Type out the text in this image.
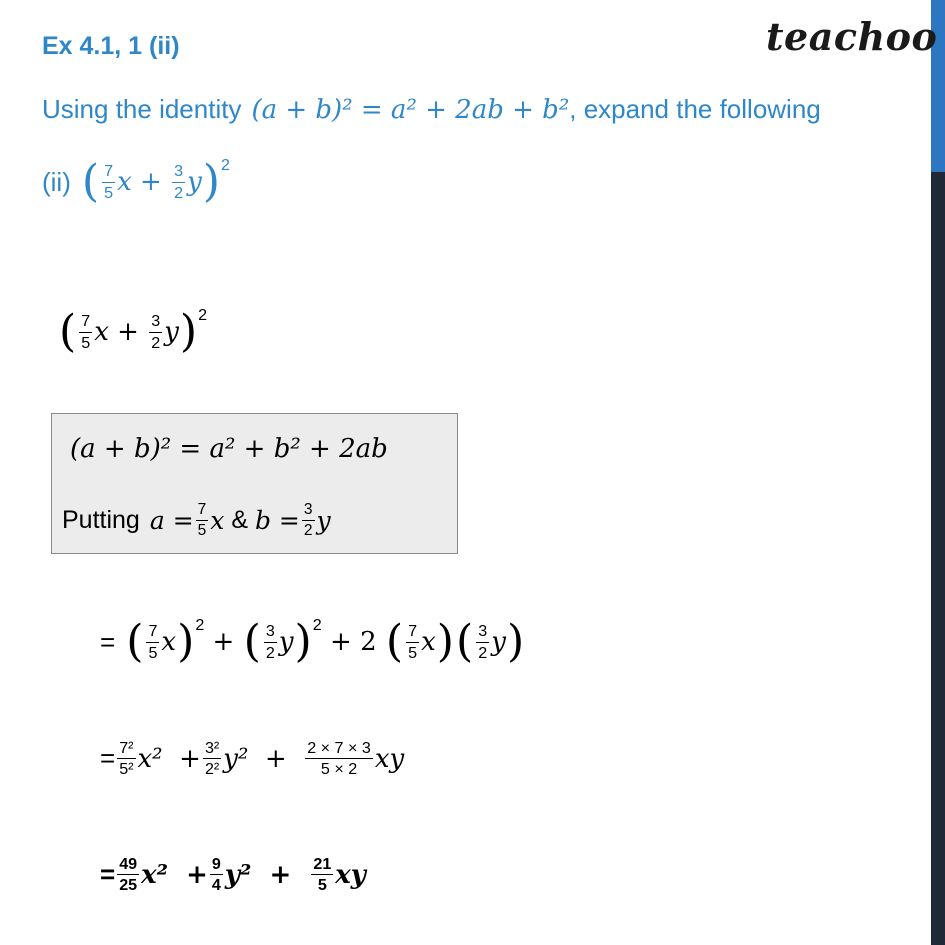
teachoo
Ex 4.1, 1 (ii)
Using the identity (a + b)² = a² + 2ab + b² , expand the following
(ii) ( $\frac{7}{5}$ $x + \frac{3}{2}$ y ) 2
( $\frac{7}{5}$ $x + \frac{3}{2}$ y ) 2
(a + b)² = a² + b² + 2ab
Putting $a = \frac{7}{5}$ x
&
$b = \frac{3}{2}$ y
= ( $\frac{7}{5}$ x ) 2
+ ( $\frac{3}{2}$ y ) 2
+ 2 ( $\frac{7}{5}$ x ) ( $\frac{3}{2}$ y )
= $\frac{\text{7²}}{\text{5²}} x^2 + \frac{\text{3²}}{\text{2²}} y^2 + \frac{2 \times 7 \times 3}{5 \times 2}$ xy
= $\frac{49}{25} x^2 + \frac{9}{4} y^2 + \frac{21}{5}$ xy
